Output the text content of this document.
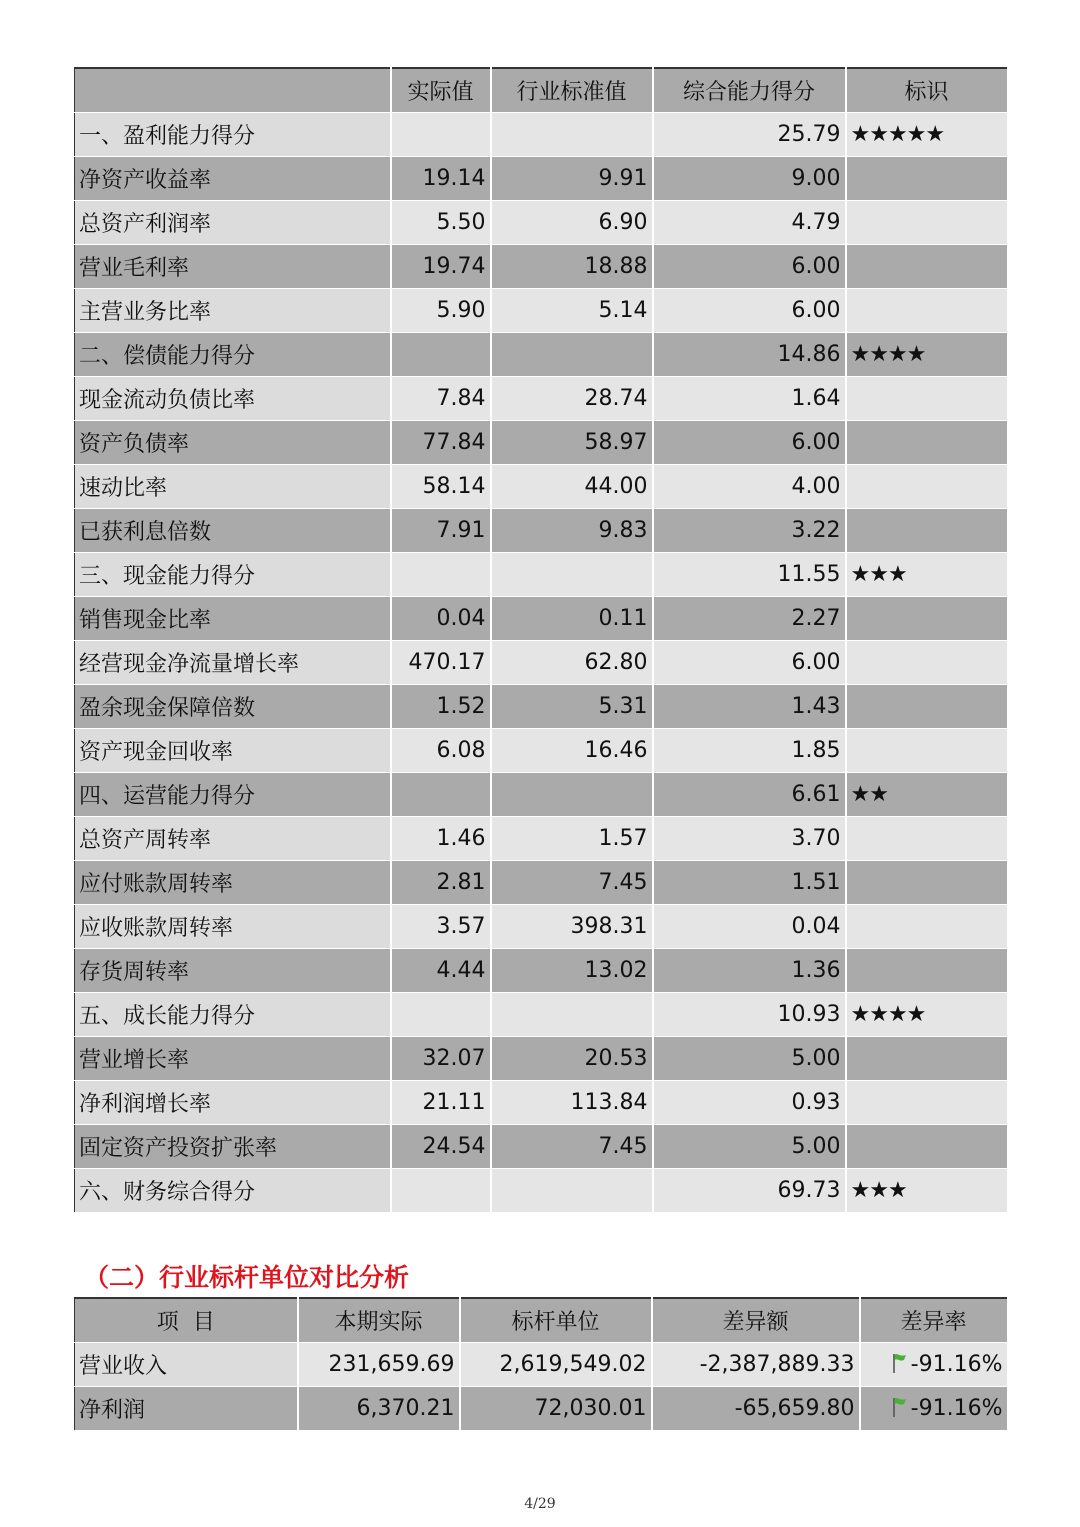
	实际值	行业标准值	综合能力得分	标识
一、盈利能力得分			25.79	★★★★★
净资产收益率	19.14	9.91	9.00	
总资产利润率	5.50	6.90	4.79	
营业毛利率	19.74	18.88	6.00	
主营业务比率	5.90	5.14	6.00	
二、偿债能力得分			14.86	★★★★
现金流动负债比率	7.84	28.74	1.64	
资产负债率	77.84	58.97	6.00	
速动比率	58.14	44.00	4.00	
已获利息倍数	7.91	9.83	3.22	
三、现金能力得分			11.55	★★★
销售现金比率	0.04	0.11	2.27	
经营现金净流量增长率	470.17	62.80	6.00	
盈余现金保障倍数	1.52	5.31	1.43	
资产现金回收率	6.08	16.46	1.85	
四、运营能力得分			6.61	★★
总资产周转率	1.46	1.57	3.70	
应付账款周转率	2.81	7.45	1.51	
应收账款周转率	3.57	398.31	0.04	
存货周转率	4.44	13.02	1.36	
五、成长能力得分			10.93	★★★★
营业增长率	32.07	20.53	5.00	
净利润增长率	21.11	113.84	0.93	
固定资产投资扩张率	24.54	7.45	5.00	
六、财务综合得分			69.73	★★★
（二）行业标杆单位对比分析
项  目	本期实际	标杆单位	差异额	差异率
营业收入	231,659.69	2,619,549.02	-2,387,889.33	-91.16%
净利润	6,370.21	72,030.01	-65,659.80	-91.16%
4/29
